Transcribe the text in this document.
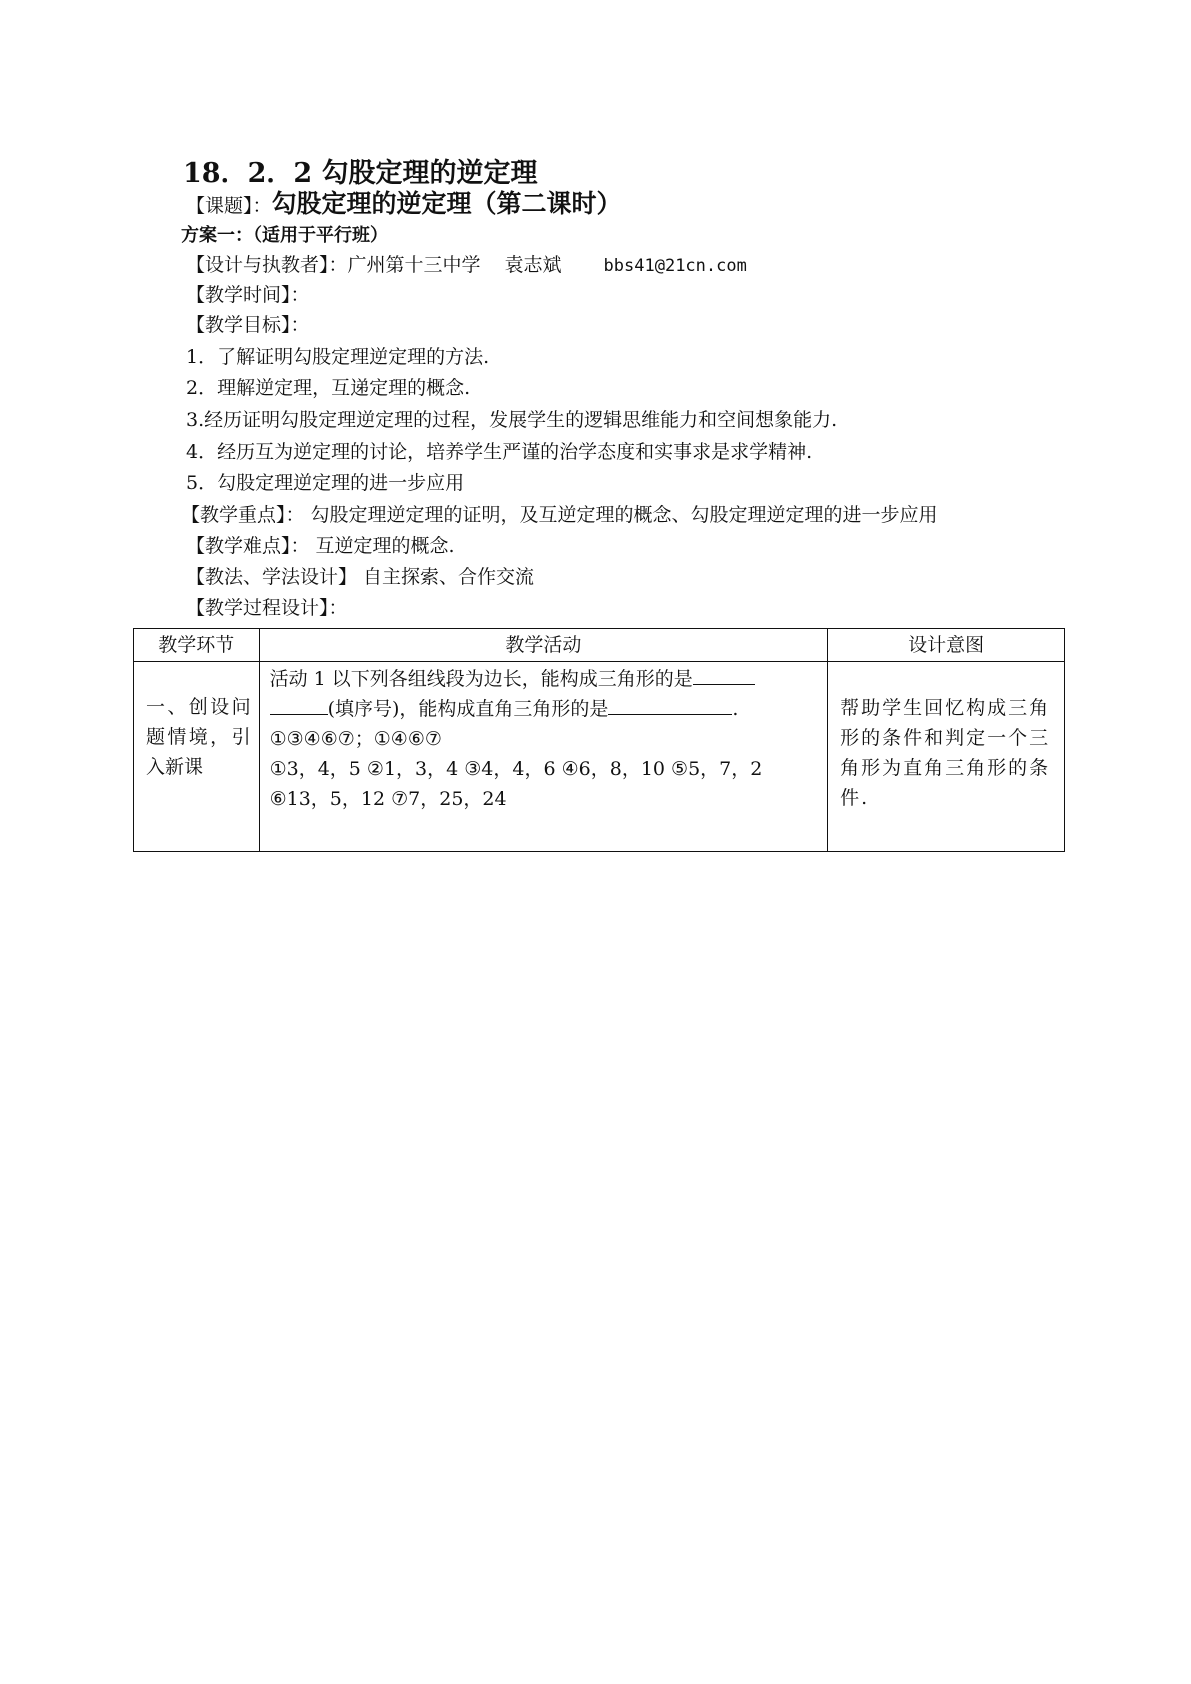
18．2．2 勾股定理的逆定理
【课题】：勾股定理的逆定理（第二课时）
方案一：（适用于平行班）
【设计与执教者】：广州第十三中学 袁志斌 bbs41@21cn.com
【教学时间】：
【教学目标】：
1．了解证明勾股定理逆定理的方法.
2．理解逆定理，互递定理的概念.
3.经历证明勾股定理逆定理的过程，发展学生的逻辑思维能力和空间想象能力.
4．经历互为逆定理的讨论，培养学生严谨的治学态度和实事求是求学精神.
5．勾股定理逆定理的进一步应用
【教学重点】： 勾股定理逆定理的证明，及互逆定理的概念、勾股定理逆定理的进一步应用
【教学难点】： 互逆定理的概念.
【教法、学法设计】 自主探索、合作交流
【教学过程设计】：
教学环节	教学活动	设计意图
一、创设问题情境，引入新课	活动 1 以下列各组线段为边长，能构成三角形的是
(填序号)，能构成直角三角形的是 .
①③④⑥⑦；①④⑥⑦
①3，4，5 ②1，3，4 ③4，4，6 ④6，8，10 ⑤5，7，2
⑥13，5，12 ⑦7，25，24	帮助学生回忆构成三角形的条件和判定一个三角形为直角三角形的条件.
